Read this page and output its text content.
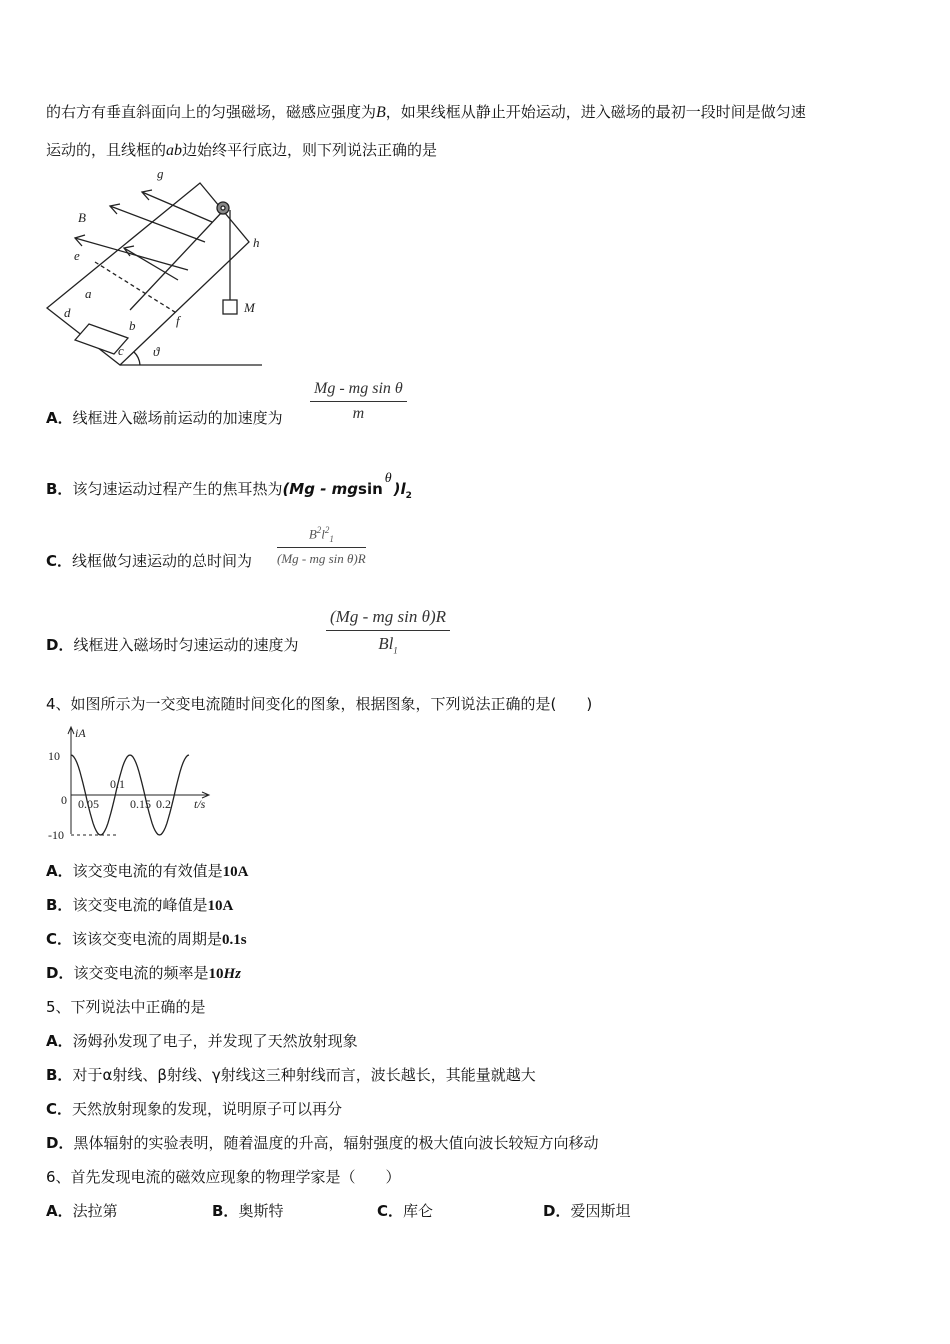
的右方有垂直斜面向上的匀强磁场，磁感应强度为B，如果线框从静止开始运动，进入磁场的最初一段时间是做匀速
运动的，且线框的ab边始终平行底边，则下列说法正确的是
g
h
B
e
a
d
b	f
c ϑ
M
A．线框进入磁场前运动的加速度为 $\frac{\text{Mg - mg sin θ}}{m}$
B．该匀速运动过程产生的焦耳热为$(Mg - mgsin\theta)l_2$
C．线框做匀速运动的总时间为 $\frac{B^2l^2_1}{\text{(Mg - mg sin θ)R}}$
D．线框进入磁场时匀速运动的速度为 $\frac{\text{(Mg - mg sin θ)R}}{Bl_1}$
4、如图所示为一交变电流随时间变化的图象，根据图象，下列说法正确的是(　　)
iA
10
0
-10
0.05
0.1
0.15 0.2 t/s
A．该交变电流的有效值是10A
B．该交变电流的峰值是10A
C．该该交变电流的周期是0.1s
D．该交变电流的频率是10Hz
5、下列说法中正确的是
A．汤姆孙发现了电子，并发现了天然放射现象
B．对于α射线、β射线、γ射线这三种射线而言，波长越长，其能量就越大
C．天然放射现象的发现，说明原子可以再分
D．黑体辐射的实验表明，随着温度的升高，辐射强度的极大值向波长较短方向移动
6、首先发现电流的磁效应现象的物理学家是（　　）
A．法拉第	B．奥斯特	C．库仑	D．爱因斯坦
